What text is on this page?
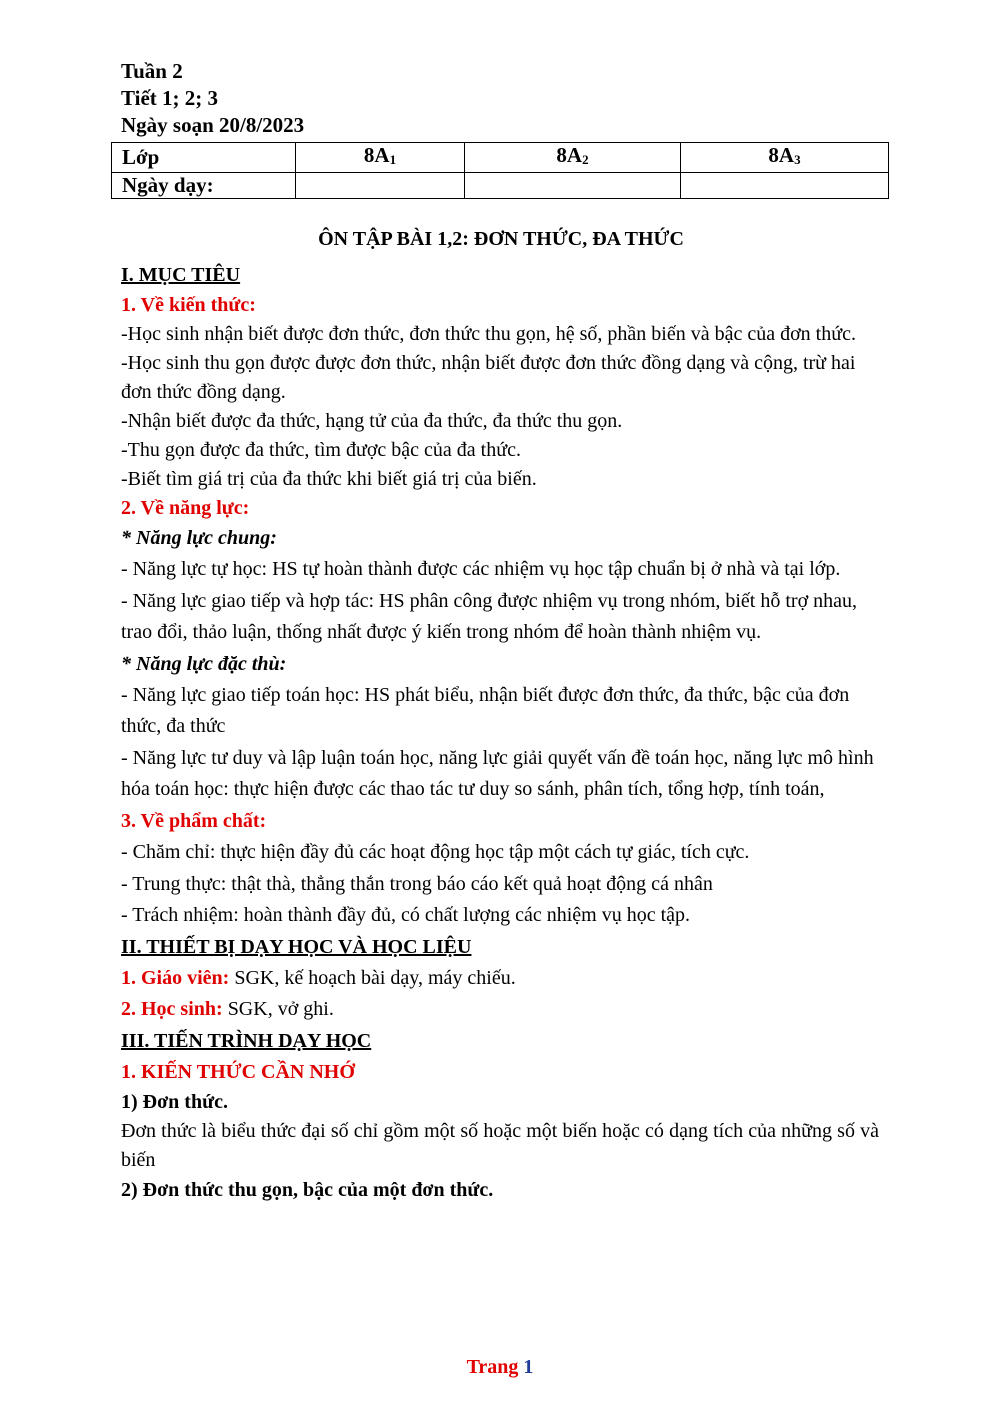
Tuần 2
Tiết 1; 2; 3
Ngày soạn 20/8/2023
Lớp	$8A_1$	$8A_2$	$8A_3$
Ngày dạy:			
ÔN TẬP BÀI 1,2: ĐƠN THỨC, ĐA THỨC

I. MỤC TIÊU

1. Về kiến thức:

-Học sinh nhận biết được đơn thức, đơn thức thu gọn, hệ số, phần biến và bậc của đơn thức.

-Học sinh thu gọn được được đơn thức, nhận biết được đơn thức đồng dạng và cộng, trừ hai đơn thức đồng dạng.

-Nhận biết được đa thức, hạng tử của đa thức, đa thức thu gọn.

-Thu gọn được đa thức, tìm được bậc của đa thức.

-Biết tìm giá trị của đa thức khi biết giá trị của biến.

2. Về năng lực:

* Năng lực chung:

- Năng lực tự học: HS tự hoàn thành được các nhiệm vụ học tập chuẩn bị ở nhà và tại lớp.

- Năng lực giao tiếp và hợp tác: HS phân công được nhiệm vụ trong nhóm, biết hỗ trợ nhau, trao đổi, thảo luận, thống nhất được ý kiến trong nhóm để hoàn thành nhiệm vụ.

* Năng lực đặc thù:

- Năng lực giao tiếp toán học: HS phát biểu, nhận biết được đơn thức, đa thức, bậc của đơn thức, đa thức

- Năng lực tư duy và lập luận toán học, năng lực giải quyết vấn đề toán học, năng lực mô hình hóa toán học: thực hiện được các thao tác tư duy so sánh, phân tích, tổng hợp, tính toán,

3. Về phẩm chất:

- Chăm chỉ: thực hiện đầy đủ các hoạt động học tập một cách tự giác, tích cực.

- Trung thực: thật thà, thẳng thắn trong báo cáo kết quả hoạt động cá nhân

- Trách nhiệm: hoàn thành đầy đủ, có chất lượng các nhiệm vụ học tập.

II. THIẾT BỊ DẠY HỌC VÀ HỌC LIỆU

1. Giáo viên: SGK, kế hoạch bài dạy, máy chiếu.

2. Học sinh: SGK, vở ghi.

III. TIẾN TRÌNH DẠY HỌC

1. KIẾN THỨC CẦN NHỚ

1) Đơn thức.

Đơn thức là biểu thức đại số chỉ gồm một số hoặc một biến hoặc có dạng tích của những số và biến

2) Đơn thức thu gọn, bậc của một đơn thức.

Trang 1
